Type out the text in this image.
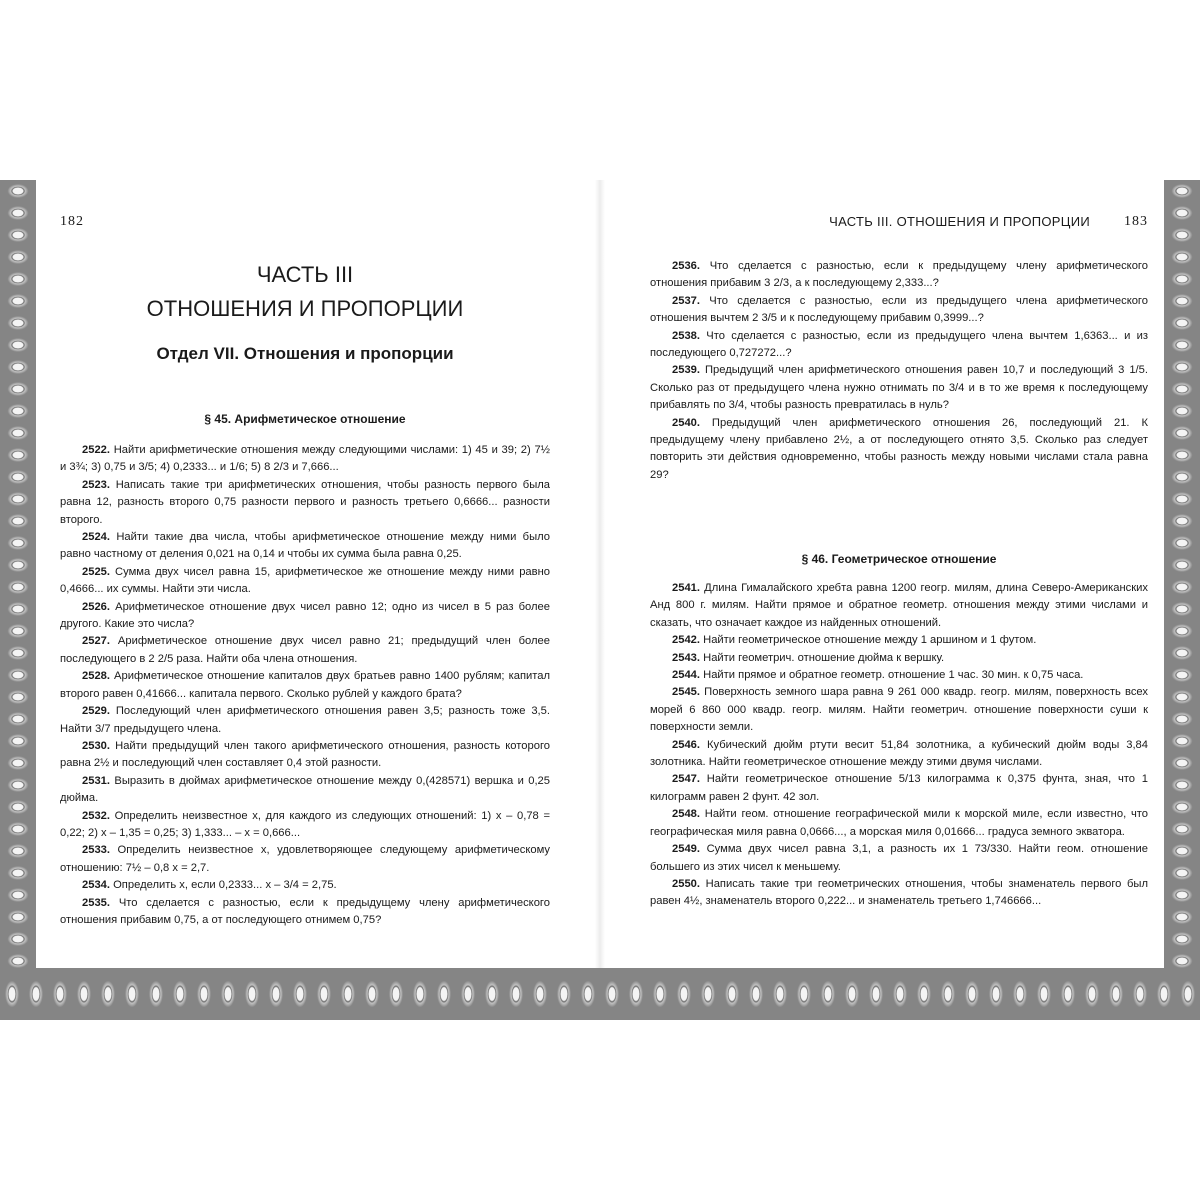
182
ЧАСТЬ III
ОТНОШЕНИЯ И ПРОПОРЦИИ
Отдел VII. Отношения и пропорции
§ 45. Арифметическое отношение

2522. Найти арифметические отношения между следующими числами: 1) 45 и 39; 2) 7½ и 3¾; 3) 0,75 и 3/5; 4) 0,2333... и 1/6; 5) 8 2/3 и 7,666...

2523. Написать такие три арифметических отношения, чтобы разность первого была равна 12, разность второго 0,75 разности первого и разность третьего 0,6666... разности второго.

2524. Найти такие два числа, чтобы арифметическое отношение между ними было равно частному от деления 0,021 на 0,14 и чтобы их сумма была равна 0,25.

2525. Сумма двух чисел равна 15, арифметическое же отношение между ними равно 0,4666... их суммы. Найти эти числа.

2526. Арифметическое отношение двух чисел равно 12; одно из чисел в 5 раз более другого. Какие это числа?

2527. Арифметическое отношение двух чисел равно 21; предыдущий член более последующего в 2 2/5 раза. Найти оба члена отношения.

2528. Арифметическое отношение капиталов двух братьев равно 1400 рублям; капитал второго равен 0,41666... капитала первого. Сколько рублей у каждого брата?

2529. Последующий член арифметического отношения равен 3,5; разность тоже 3,5. Найти 3/7 предыдущего члена.

2530. Найти предыдущий член такого арифметического отношения, разность которого равна 2½ и последующий член составляет 0,4 этой разности.

2531. Выразить в дюймах арифметическое отношение между 0,(428571) вершка и 0,25 дюйма.

2532. Определить неизвестное x, для каждого из следующих отношений: 1) x – 0,78 = 0,22; 2) x – 1,35 = 0,25; 3) 1,333... – x = 0,666...

2533. Определить неизвестное x, удовлетворяющее следующему арифметическому отношению: 7½ – 0,8 x = 2,7.

2534. Определить x, если 0,2333... x – 3/4 = 2,75.

2535. Что сделается с разностью, если к предыдущему члену арифметического отношения прибавим 0,75, а от последующего отнимем 0,75?

ЧАСТЬ III. ОТНОШЕНИЯ И ПРОПОРЦИИ 183

2536. Что сделается с разностью, если к предыдущему члену арифметического отношения прибавим 3 2/3, а к последующему 2,333...?

2537. Что сделается с разностью, если из предыдущего члена арифметического отношения вычтем 2 3/5 и к последующему прибавим 0,3999...?

2538. Что сделается с разностью, если из предыдущего члена вычтем 1,6363... и из последующего 0,727272...?

2539. Предыдущий член арифметического отношения равен 10,7 и последующий 3 1/5. Сколько раз от предыдущего члена нужно отнимать по 3/4 и в то же время к последующему прибавлять по 3/4, чтобы разность превратилась в нуль?

2540. Предыдущий член арифметического отношения 26, последующий 21. К предыдущему члену прибавлено 2½, а от последующего отнято 3,5. Сколько раз следует повторить эти действия одновременно, чтобы разность между новыми числами стала равна 29?

§ 46. Геометрическое отношение

2541. Длина Гималайского хребта равна 1200 геогр. милям, длина Северо-Американских Анд 800 г. милям. Найти прямое и обратное геометр. отношения между этими числами и сказать, что означает каждое из найденных отношений.

2542. Найти геометрическое отношение между 1 аршином и 1 футом.

2543. Найти геометрич. отношение дюйма к вершку.

2544. Найти прямое и обратное геометр. отношение 1 час. 30 мин. к 0,75 часа.

2545. Поверхность земного шара равна 9 261 000 квадр. геогр. милям, поверхность всех морей 6 860 000 квадр. геогр. милям. Найти геометрич. отношение поверхности суши к поверхности земли.

2546. Кубический дюйм ртути весит 51,84 золотника, а кубический дюйм воды 3,84 золотника. Найти геометрическое отношение между этими двумя числами.

2547. Найти геометрическое отношение 5/13 килограмма к 0,375 фунта, зная, что 1 килограмм равен 2 фунт. 42 зол.

2548. Найти геом. отношение географической мили к морской миле, если известно, что географическая миля равна 0,0666..., а морская миля 0,01666... градуса земного экватора.

2549. Сумма двух чисел равна 3,1, а разность их 1 73/330. Найти геом. отношение большего из этих чисел к меньшему.

2550. Написать такие три геометрических отношения, чтобы знаменатель первого был равен 4½, знаменатель второго 0,222... и знаменатель третьего 1,746666...
